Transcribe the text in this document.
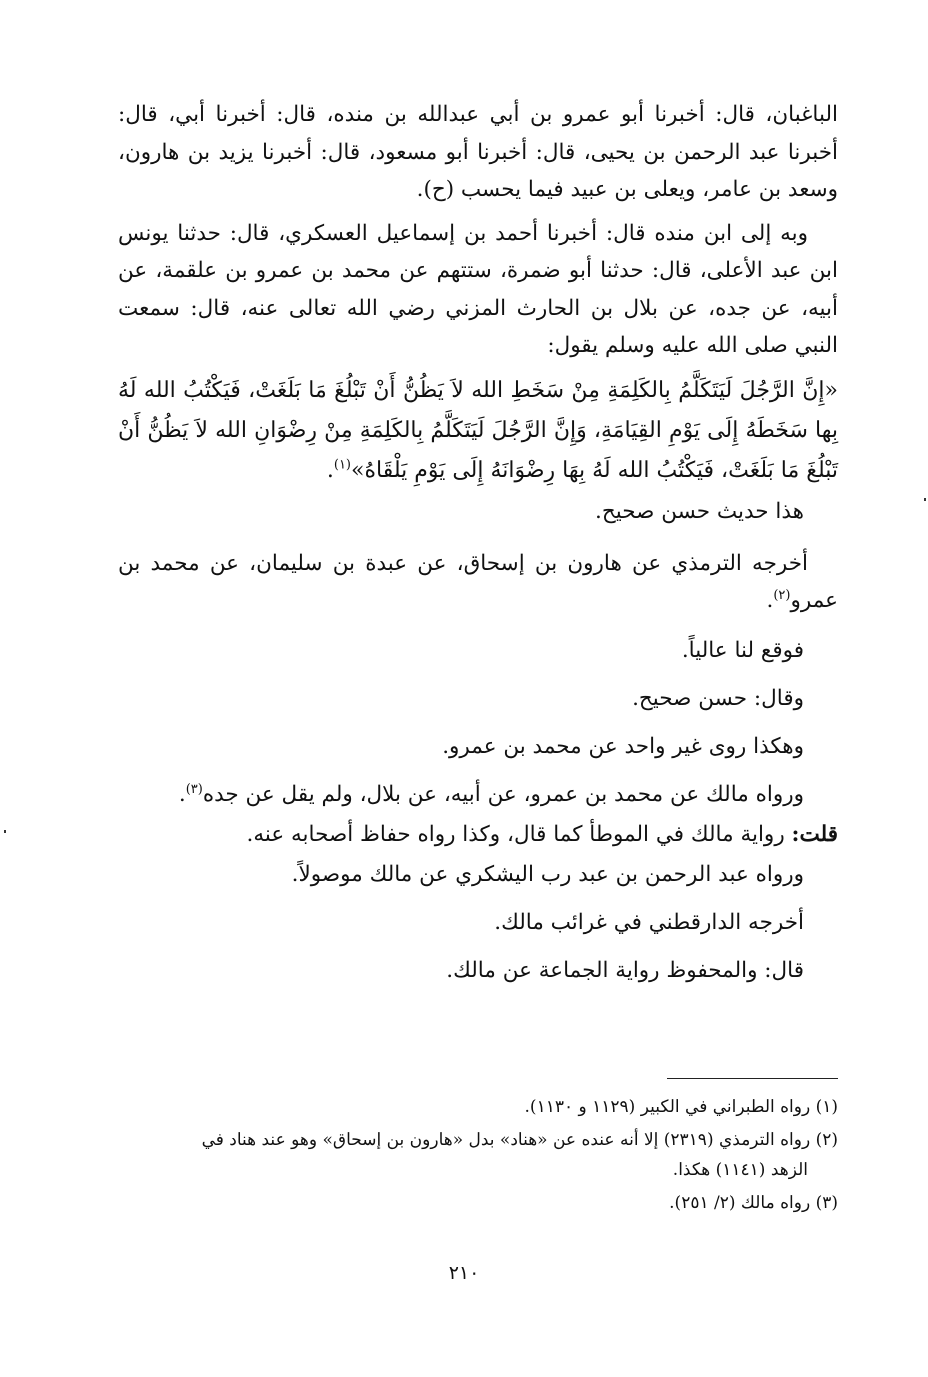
الباغبان، قال: أخبرنا أبو عمرو بن أبي عبدالله بن منده، قال: أخبرنا أبي، قال: أخبرنا عبد الرحمن بن يحيى، قال: أخبرنا أبو مسعود، قال: أخبرنا يزيد بن هارون، وسعد بن عامر، ويعلى بن عبيد فيما يحسب (ح).

وبه إلى ابن منده قال: أخبرنا أحمد بن إسماعيل العسكري، قال: حدثنا يونس ابن عبد الأعلى، قال: حدثنا أبو ضمرة، ستتهم عن محمد بن عمرو بن علقمة، عن أبيه، عن جده، عن بلال بن الحارث المزني رضي الله تعالى عنه، قال: سمعت النبي صلى الله عليه وسلم يقول:

«إِنَّ الرَّجُلَ لَيَتَكَلَّمُ بِالكَلِمَةِ مِنْ سَخَطِ الله لاَ يَظُنُّ أَنْ تَبْلُغَ مَا بَلَغَتْ، فَيَكْتُبُ الله لَهُ بِها سَخَطَهُ إِلَى يَوْمِ القِيَامَةِ، وَإِنَّ الرَّجُلَ لَيَتَكَلَّمُ بِالكَلِمَةِ مِنْ رِضْوَانِ الله لاَ يَظُنُّ أَنْ تَبْلُغَ مَا بَلَغَتْ، فَيَكْتُبُ الله لَهُ بِهَا رِضْوَانَهُ إِلَى يَوْمِ يَلْقَاهُ»$^{(١)}$.

هذا حديث حسن صحيح.

أخرجه الترمذي عن هارون بن إسحاق، عن عبدة بن سليمان، عن محمد بن عمرو$^{(٢)}$.

فوقع لنا عالياً.

وقال: حسن صحيح.

وهكذا روى غير واحد عن محمد بن عمرو.

ورواه مالك عن محمد بن عمرو، عن أبيه، عن بلال، ولم يقل عن جده$^{(٣)}$.

قلت: رواية مالك في الموطأ كما قال، وكذا رواه حفاظ أصحابه عنه.

ورواه عبد الرحمن بن عبد رب اليشكري عن مالك موصولاً.

أخرجه الدارقطني في غرائب مالك.

قال: والمحفوظ رواية الجماعة عن مالك.

(١) رواه الطبراني في الكبير (١١٢٩ و ١١٣٠).

(٢) رواه الترمذي (٢٣١٩) إلا أنه عنده عن «هناد» بدل «هارون بن إسحاق» وهو عند هناد في
الزهد (١١٤١) هكذا.

(٣) رواه مالك (٢/ ٢٥١).

٢١٠
